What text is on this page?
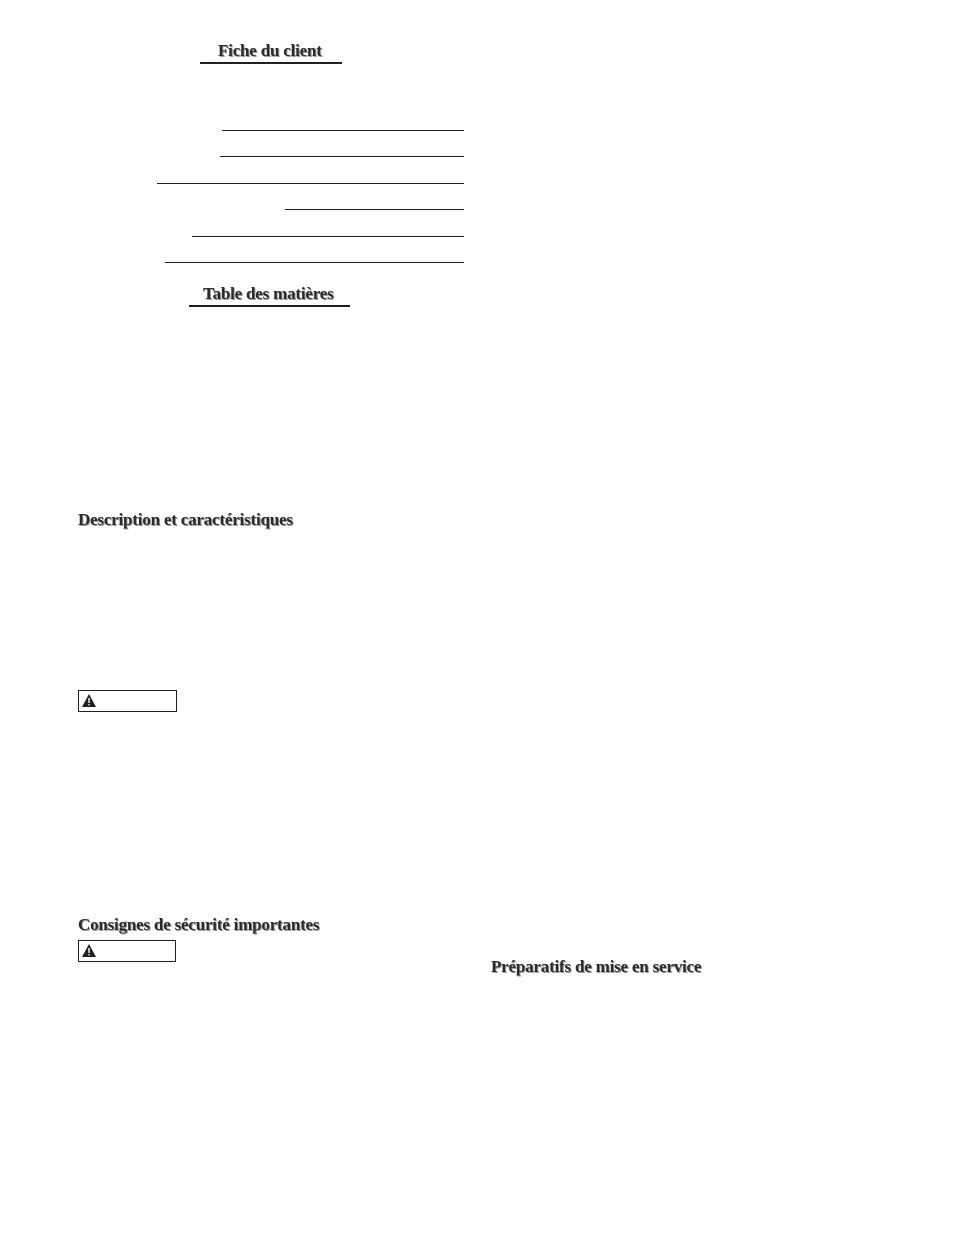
Fiche du client
Table des matières
Description et caractéristiques
Consignes de sécurité importantes
Préparatifs de mise en service
